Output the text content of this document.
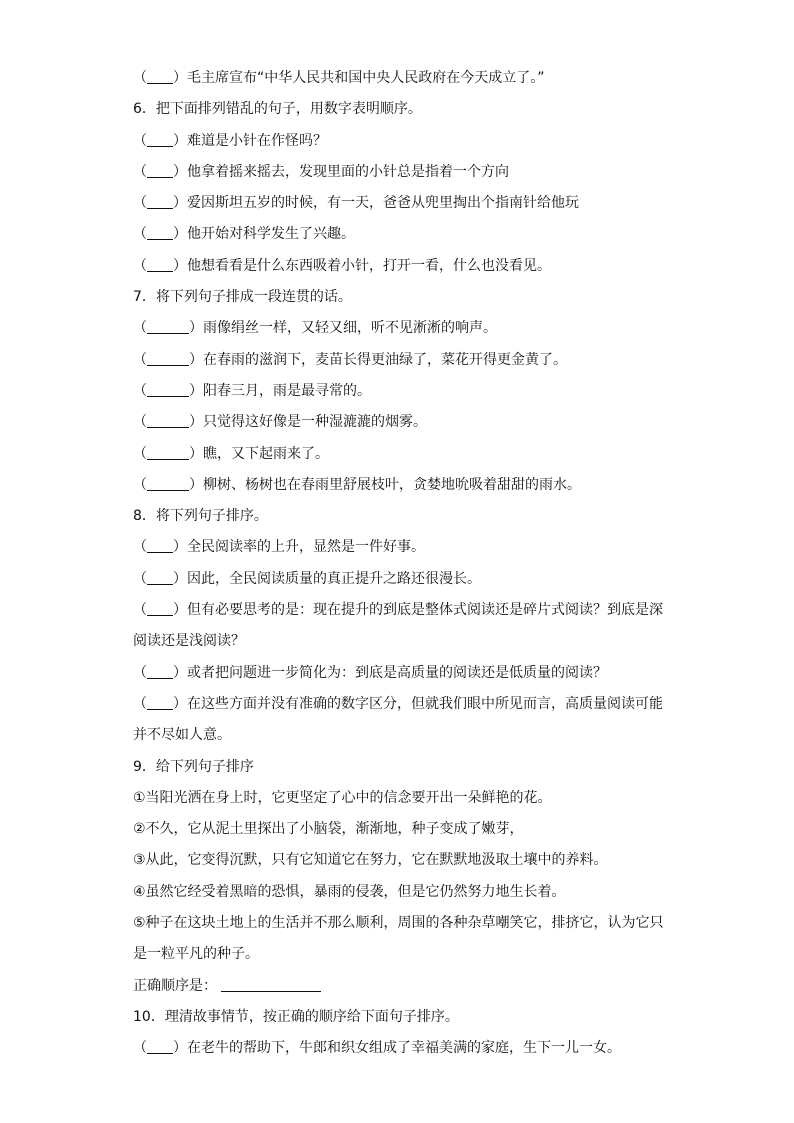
（ ）毛主席宣布“中华人民共和国中央人民政府在今天成立了。”
6．把下面排列错乱的句子，用数字表明顺序。
（ ）难道是小针在作怪吗？
（ ）他拿着摇来摇去，发现里面的小针总是指着一个方向
（ ）爱因斯坦五岁的时候，有一天，爸爸从兜里掏出个指南针给他玩
（ ）他开始对科学发生了兴趣。
（ ）他想看看是什么东西吸着小针，打开一看，什么也没看见。
7．将下列句子排成一段连贯的话。
（	）雨像绢丝一样，又轻又细，听不见淅淅的响声。
（	）在春雨的滋润下，麦苗长得更油绿了，菜花开得更金黄了。
（	）阳春三月，雨是最寻常的。
（	）只觉得这好像是一种湿漉漉的烟雾。
（	）瞧，又下起雨来了。
（	）柳树、杨树也在春雨里舒展枝叶，贪婪地吮吸着甜甜的雨水。
8．将下列句子排序。
（ ）全民阅读率的上升，显然是一件好事。
（ ）因此，全民阅读质量的真正提升之路还很漫长。
（ ）但有必要思考的是：现在提升的到底是整体式阅读还是碎片式阅读？到底是深
阅读还是浅阅读？
（ ）或者把问题进一步简化为：到底是高质量的阅读还是低质量的阅读？
（ ）在这些方面并没有准确的数字区分，但就我们眼中所见而言，高质量阅读可能
并不尽如人意。
9．给下列句子排序
①当阳光洒在身上时，它更坚定了心中的信念要开出一朵鲜艳的花。
②不久，它从泥土里探出了小脑袋，渐渐地，种子变成了嫩芽，
③从此，它变得沉默，只有它知道它在努力，它在默默地汲取土壤中的养料。
④虽然它经受着黑暗的恐惧，暴雨的侵袭，但是它仍然努力地生长着。
⑤种子在这块土地上的生活并不那么顺利，周围的各种杂草嘲笑它，排挤它，认为它只
是一粒平凡的种子。
正确顺序是：
10．理清故事情节，按正确的顺序给下面句子排序。
（ ）在老牛的帮助下，牛郎和织女组成了幸福美满的家庭，生下一儿一女。
